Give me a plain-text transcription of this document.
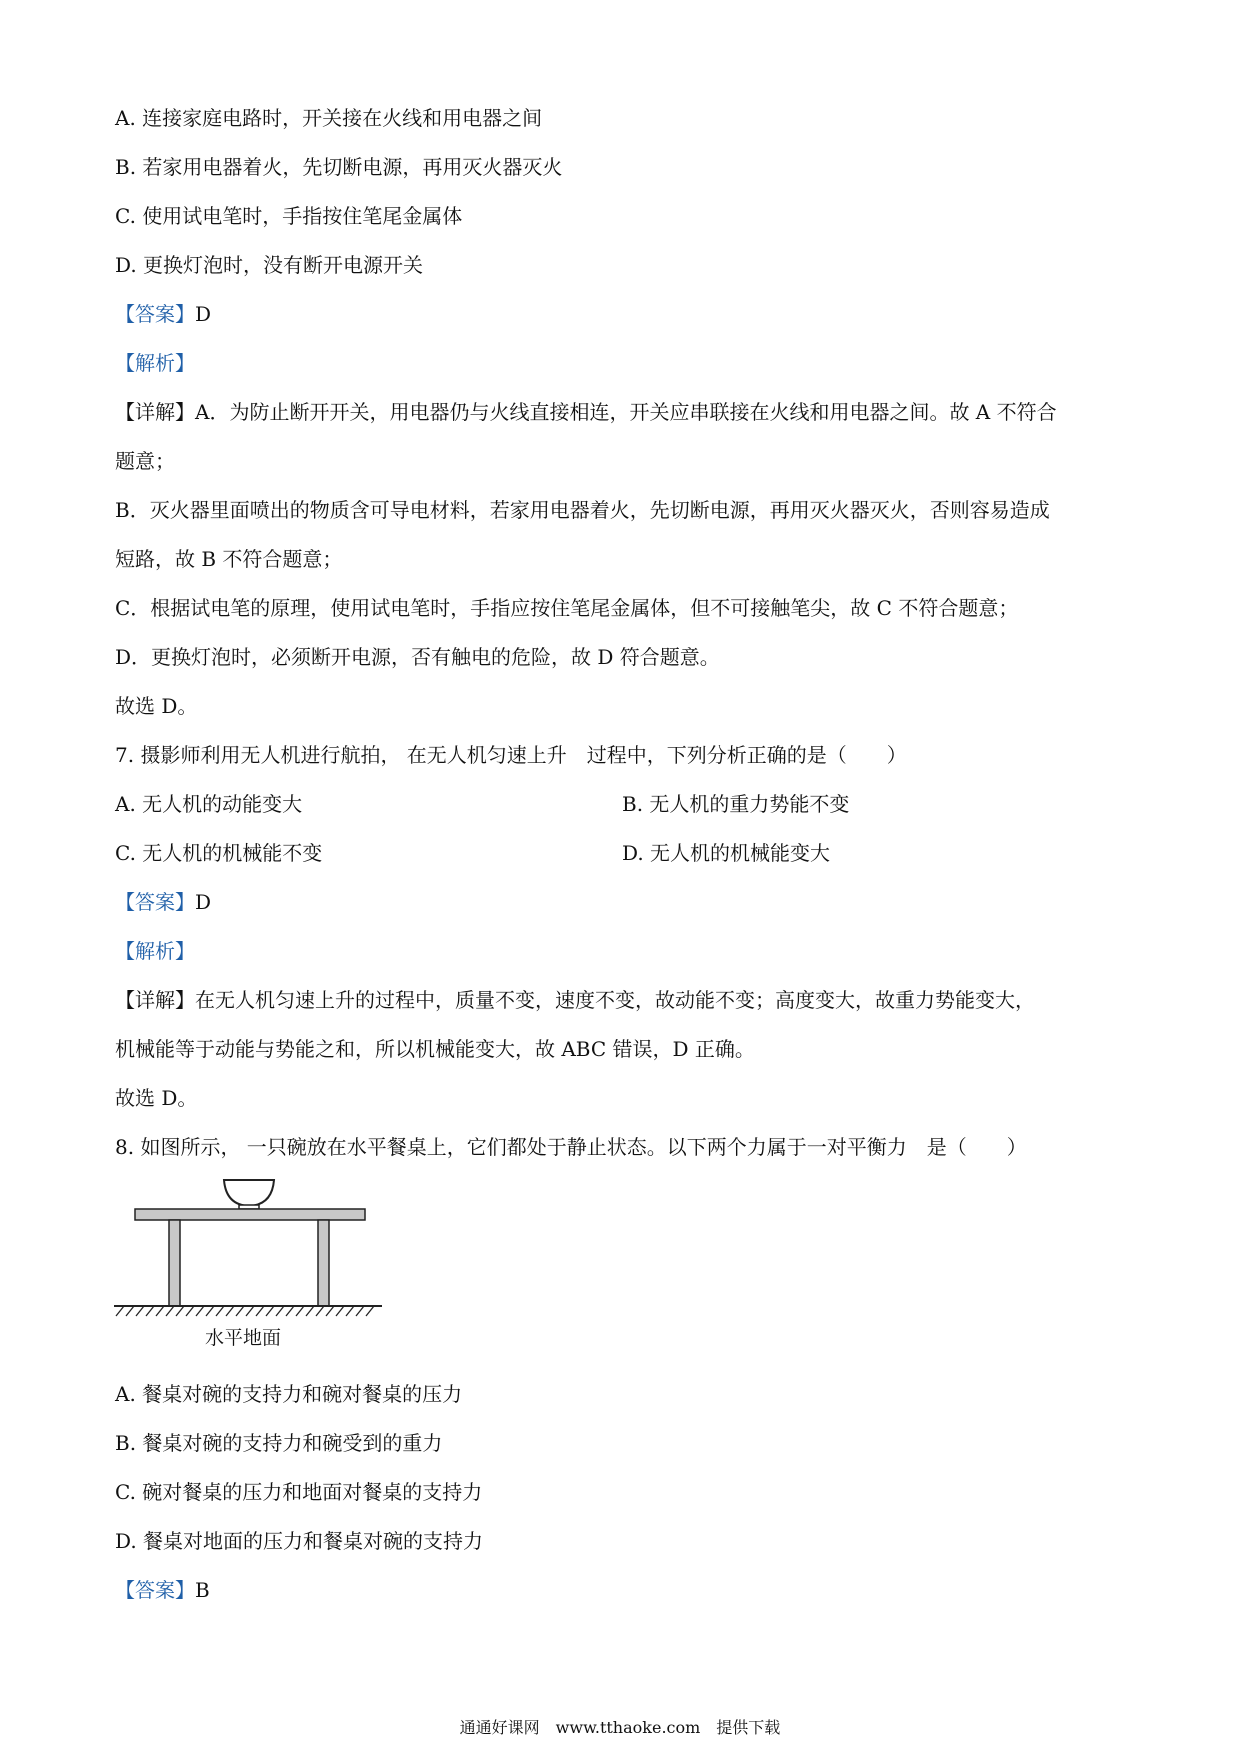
A. 连接家庭电路时，开关接在火线和用电器之间
B. 若家用电器着火，先切断电源，再用灭火器灭火
C. 使用试电笔时，手指按住笔尾金属体
D. 更换灯泡时，没有断开电源开关
【答案】D
【解析】
【详解】A．为防止断开开关，用电器仍与火线直接相连，开关应串联接在火线和用电器之间。故 A 不符合
题意；
B．灭火器里面喷出的物质含可导电材料，若家用电器着火，先切断电源，再用灭火器灭火，否则容易造成
短路，故 B 不符合题意；
C．根据试电笔的原理，使用试电笔时，手指应按住笔尾金属体，但不可接触笔尖，故 C 不符合题意；
D．更换灯泡时，必须断开电源，否有触电的危险，故 D 符合题意。
故选 D。
7. 摄影师利用无人机进行航拍， 在无人机匀速上升　过程中，下列分析正确的是（　　）
A. 无人机的动能变大	B. 无人机的重力势能不变
C. 无人机的机械能不变	D. 无人机的机械能变大
【答案】D
【解析】
【详解】在无人机匀速上升的过程中，质量不变，速度不变，故动能不变；高度变大，故重力势能变大，
机械能等于动能与势能之和，所以机械能变大，故 ABC 错误，D 正确。
故选 D。
8. 如图所示， 一只碗放在水平餐桌上，它们都处于静止状态。以下两个力属于一对平衡力　是（　　）
水平地面
A. 餐桌对碗的支持力和碗对餐桌的压力
B. 餐桌对碗的支持力和碗受到的重力
C. 碗对餐桌的压力和地面对餐桌的支持力
D. 餐桌对地面的压力和餐桌对碗的支持力
【答案】B
通通好课网　www.tthaoke.com　提供下载
